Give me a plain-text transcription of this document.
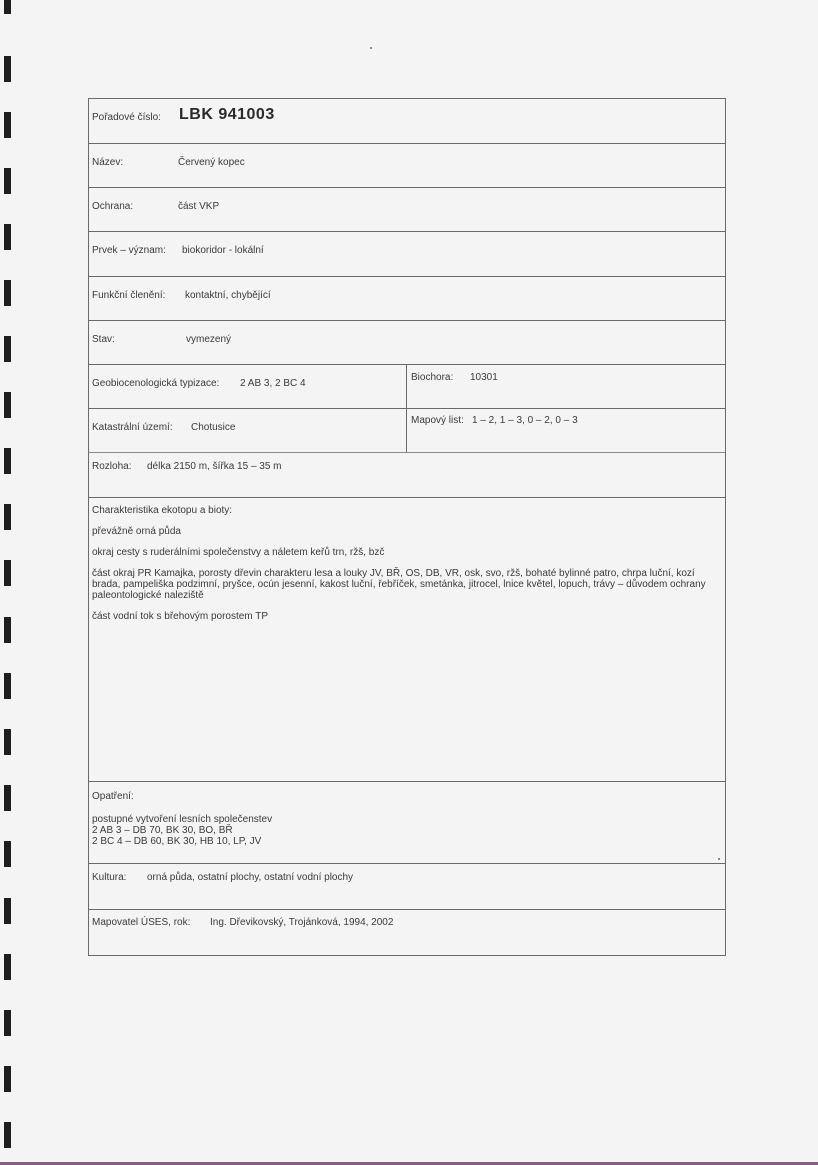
Pořadové číslo: LBK 941003
Název:	Červený kopec
Ochrana:	část VKP
Prvek – význam: biokoridor - lokální
Funkční členění: kontaktní, chybějící
Stav:	vymezený
Geobiocenologická typizace: 2 AB 3, 2 BC 4
Biochora: 10301
Katastrální území: Chotusice
Mapový list: 1 – 2, 1 – 3, 0 – 2, 0 – 3
Rozloha: délka 2150 m, šířka 15 – 35 m

Charakteristika ekotopu a bioty:

převážně orná půda

okraj cesty s ruderálními společenstvy a náletem keřů trn, ržš, bzč

část okraj PR Kamajka, porosty dřevin charakteru lesa a louky JV, BŘ, OS, DB, VR, osk, svo, ržš, bohaté bylinné patro, chrpa luční, kozí brada, pampeliška podzimní, pryšce, ocún jesenní, kakost luční, řebříček, smetánka, jitrocel, lnice květel, lopuch, trávy – důvodem ochrany paleontologické naleziště

část vodní tok s břehovým porostem TP

Opatření:

postupné vytvoření lesních společenstev
2 AB 3 – DB 70, BK 30, BO, BŘ
2 BC 4 – DB 60, BK 30, HB 10, LP, JV
Kultura: orná půda, ostatní plochy, ostatní vodní plochy
Mapovatel ÚSES, rok: Ing. Dřevikovský, Trojánková, 1994, 2002
